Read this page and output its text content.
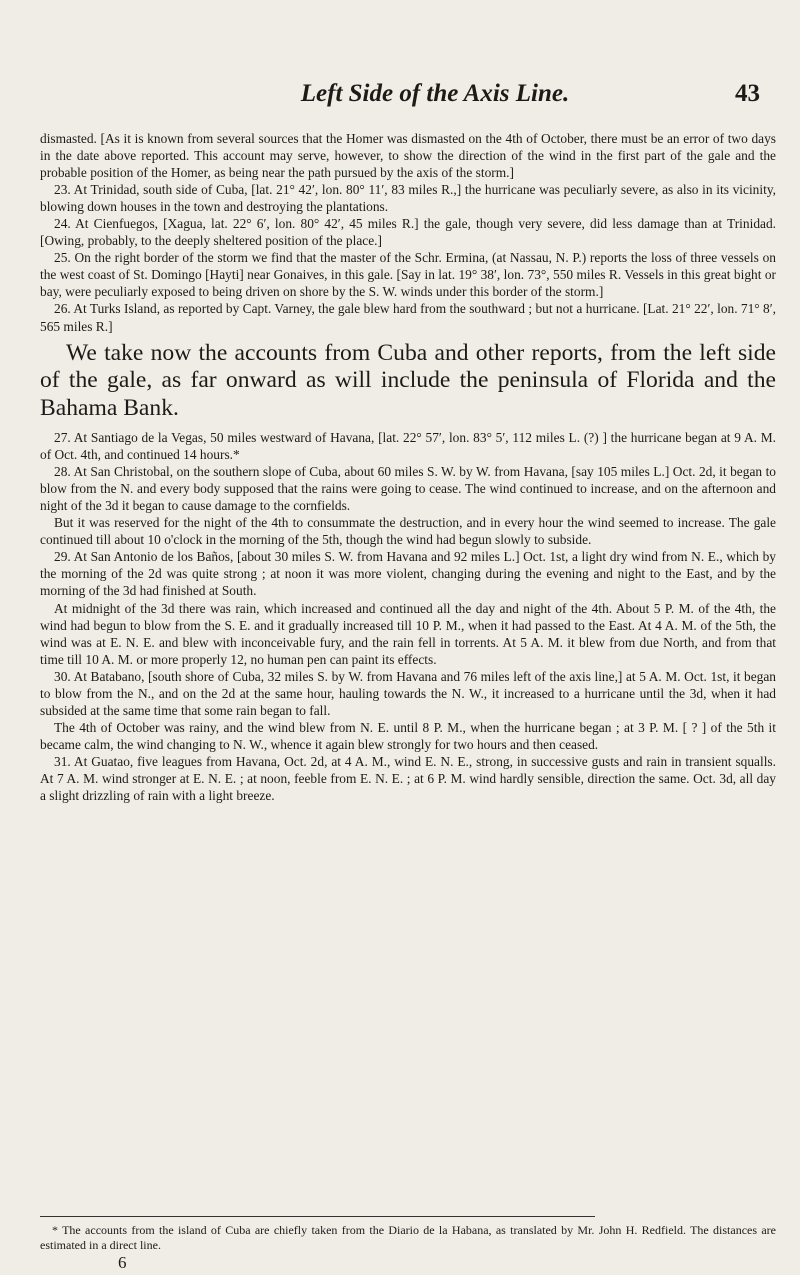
Left Side of the Axis Line.	43

dismasted. [As it is known from several sources that the Homer was dismasted on the 4th of October, there must be an error of two days in the date above reported. This account may serve, however, to show the direction of the wind in the first part of the gale and the probable position of the Homer, as being near the path pursued by the axis of the storm.]

23. At Trinidad, south side of Cuba, [lat. 21° 42′, lon. 80° 11′, 83 miles R.,] the hurricane was peculiarly severe, as also in its vicinity, blowing down houses in the town and destroying the plantations.

24. At Cienfuegos, [Xagua, lat. 22° 6′, lon. 80° 42′, 45 miles R.] the gale, though very severe, did less damage than at Trinidad. [Owing, probably, to the deeply sheltered position of the place.]

25. On the right border of the storm we find that the master of the Schr. Ermina, (at Nassau, N. P.) reports the loss of three vessels on the west coast of St. Domingo [Hayti] near Gonaives, in this gale. [Say in lat. 19° 38′, lon. 73°, 550 miles R. Vessels in this great bight or bay, were peculiarly exposed to being driven on shore by the S. W. winds under this border of the storm.]

26. At Turks Island, as reported by Capt. Varney, the gale blew hard from the southward ; but not a hurricane. [Lat. 21° 22′, lon. 71° 8′, 565 miles R.]

We take now the accounts from Cuba and other reports, from the left side of the gale, as far onward as will include the peninsula of Florida and the Bahama Bank.

27. At Santiago de la Vegas, 50 miles westward of Havana, [lat. 22° 57′, lon. 83° 5′, 112 miles L. (?) ] the hurricane began at 9 A. M. of Oct. 4th, and continued 14 hours.*

28. At San Christobal, on the southern slope of Cuba, about 60 miles S. W. by W. from Havana, [say 105 miles L.] Oct. 2d, it began to blow from the N. and every body supposed that the rains were going to cease. The wind continued to increase, and on the afternoon and night of the 3d it began to cause damage to the cornfields.

But it was reserved for the night of the 4th to consummate the destruction, and in every hour the wind seemed to increase. The gale continued till about 10 o'clock in the morning of the 5th, though the wind had begun slowly to subside.

29. At San Antonio de los Baños, [about 30 miles S. W. from Havana and 92 miles L.] Oct. 1st, a light dry wind from N. E., which by the morning of the 2d was quite strong ; at noon it was more violent, changing during the evening and night to the East, and by the morning of the 3d had finished at South.

At midnight of the 3d there was rain, which increased and continued all the day and night of the 4th. About 5 P. M. of the 4th, the wind had begun to blow from the S. E. and it gradually increased till 10 P. M., when it had passed to the East. At 4 A. M. of the 5th, the wind was at E. N. E. and blew with inconceivable fury, and the rain fell in torrents. At 5 A. M. it blew from due North, and from that time till 10 A. M. or more properly 12, no human pen can paint its effects.

30. At Batabano, [south shore of Cuba, 32 miles S. by W. from Havana and 76 miles left of the axis line,] at 5 A. M. Oct. 1st, it began to blow from the N., and on the 2d at the same hour, hauling towards the N. W., it increased to a hurricane until the 3d, when it had subsided at the same time that some rain began to fall.

The 4th of October was rainy, and the wind blew from N. E. until 8 P. M., when the hurricane began ; at 3 P. M. [ ? ] of the 5th it became calm, the wind changing to N. W., whence it again blew strongly for two hours and then ceased.

31. At Guatao, five leagues from Havana, Oct. 2d, at 4 A. M., wind E. N. E., strong, in successive gusts and rain in transient squalls. At 7 A. M. wind stronger at E. N. E. ; at noon, feeble from E. N. E. ; at 6 P. M. wind hardly sensible, direction the same. Oct. 3d, all day a slight drizzling of rain with a light breeze.

* The accounts from the island of Cuba are chiefly taken from the Diario de la Habana, as translated by Mr. John H. Redfield. The distances are estimated in a direct line.
6
